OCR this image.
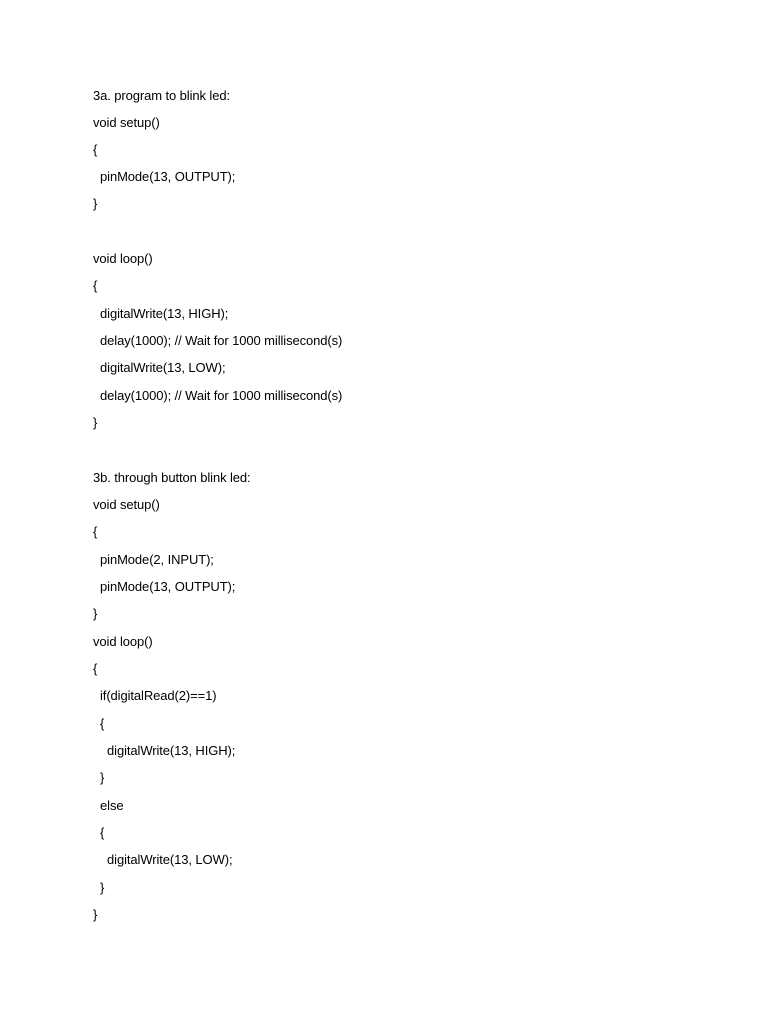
3a. program to blink led:
void setup()
{
pinMode(13, OUTPUT);
}
void loop()
{
digitalWrite(13, HIGH);
delay(1000); // Wait for 1000 millisecond(s)
digitalWrite(13, LOW);
delay(1000); // Wait for 1000 millisecond(s)
}
3b. through button blink led:
void setup()
{
pinMode(2, INPUT);
pinMode(13, OUTPUT);
}
void loop()
{
if(digitalRead(2)==1)
{
digitalWrite(13, HIGH);
}
else
{
digitalWrite(13, LOW);
}
}
